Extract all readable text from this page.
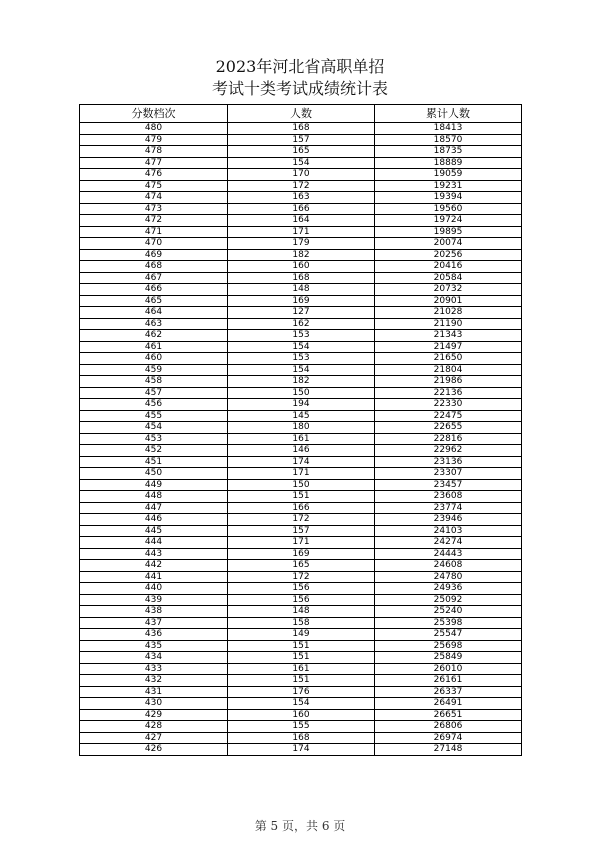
2023年河北省高职单招
考试十类考试成绩统计表
分数档次	人数	累计人数
480	168	18413
479	157	18570
478	165	18735
477	154	18889
476	170	19059
475	172	19231
474	163	19394
473	166	19560
472	164	19724
471	171	19895
470	179	20074
469	182	20256
468	160	20416
467	168	20584
466	148	20732
465	169	20901
464	127	21028
463	162	21190
462	153	21343
461	154	21497
460	153	21650
459	154	21804
458	182	21986
457	150	22136
456	194	22330
455	145	22475
454	180	22655
453	161	22816
452	146	22962
451	174	23136
450	171	23307
449	150	23457
448	151	23608
447	166	23774
446	172	23946
445	157	24103
444	171	24274
443	169	24443
442	165	24608
441	172	24780
440	156	24936
439	156	25092
438	148	25240
437	158	25398
436	149	25547
435	151	25698
434	151	25849
433	161	26010
432	151	26161
431	176	26337
430	154	26491
429	160	26651
428	155	26806
427	168	26974
426	174	27148
第 5 页，共 6 页
